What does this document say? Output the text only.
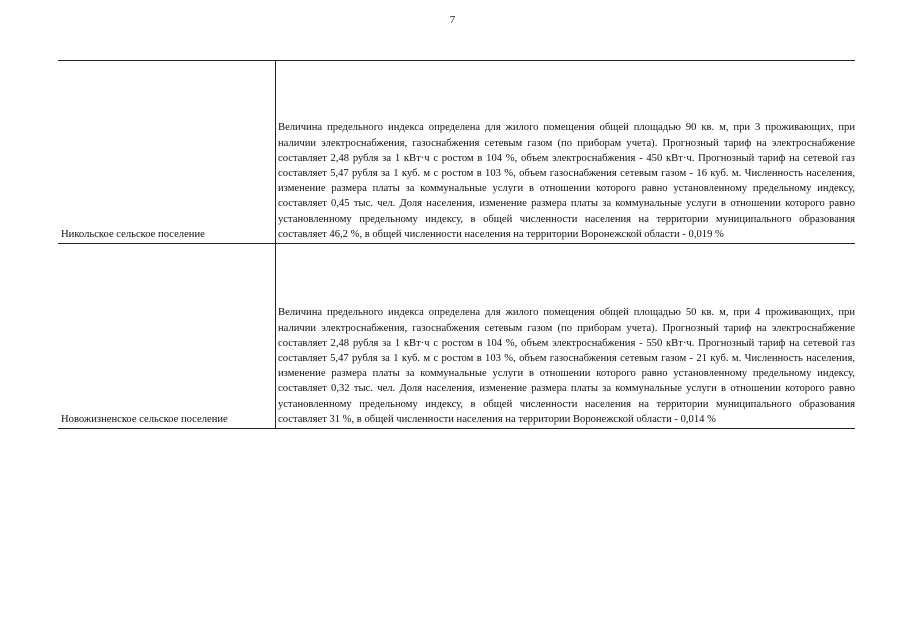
7
Никольское сельское поселение	Величина предельного индекса определена для жилого помещения общей площадью 90 кв. м, при 3 проживающих, при наличии электроснабжения, газоснабжения сетевым газом (по приборам учета). Прогнозный тариф на электроснабжение составляет 2,48 рубля за 1 кВт·ч с ростом в 104 %, объем электроснабжения - 450 кВт·ч. Прогнозный тариф на сетевой газ составляет 5,47 рубля за 1 куб. м с ростом в 103 %, объем газоснабжения сетевым газом - 16 куб. м. Численность населения, изменение размера платы за коммунальные услуги в отношении которого равно установленному предельному индексу, составляет 0,45 тыс. чел. Доля населения, изменение размера платы за коммунальные услуги в отношении которого равно установленному предельному индексу, в общей численности населения на территории муниципального образования составляет 46,2 %, в общей численности населения на территории Воронежской области - 0,019 %

Новожизненское сельское поселение	Величина предельного индекса определена для жилого помещения общей площадью 50 кв. м, при 4 проживающих, при наличии электроснабжения, газоснабжения сетевым газом (по приборам учета). Прогнозный тариф на электроснабжение составляет 2,48 рубля за 1 кВт·ч с ростом в 104 %, объем электроснабжения - 550 кВт·ч. Прогнозный тариф на сетевой газ составляет 5,47 рубля за 1 куб. м с ростом в 103 %, объем газоснабжения сетевым газом - 21 куб. м. Численность населения, изменение размера платы за коммунальные услуги в отношении которого равно установленному предельному индексу, составляет 0,32 тыс. чел. Доля населения, изменение размера платы за коммунальные услуги в отношении которого равно установленному предельному индексу, в общей численности населения на территории муниципального образования составляет 31 %, в общей численности населения на территории Воронежской области - 0,014 %
